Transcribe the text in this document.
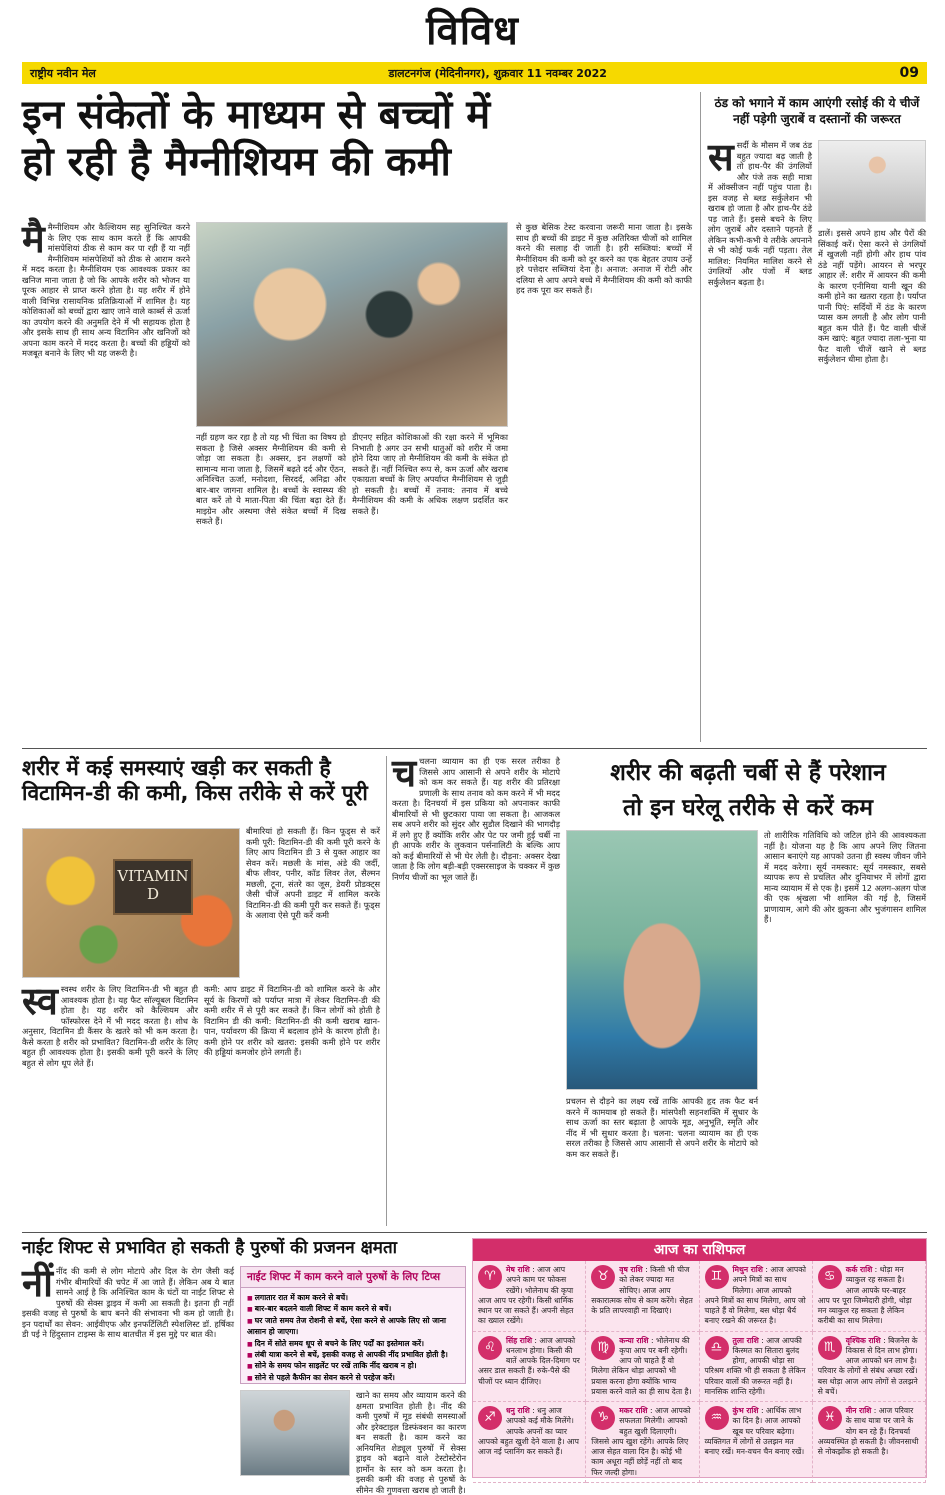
विविध
राष्ट्रीय नवीन मेल	डालटनगंज (मेदिनीनगर), शुक्रवार 11 नवम्बर 2022	09
इन संकेतों के माध्यम से बच्चों में
हो रही है मैग्नीशियम की कमी
मै मैग्नीशियम और कैल्शियम सह सुनिश्चित करने के लिए एक साथ काम करते हैं कि आपकी मांसपेशियां ठीक से काम कर पा रही हैं या नहीं मैग्नीशियम मांसपेशियों को ठीक से आराम करने में मदद करता है। मैग्नीशियम एक आवश्यक प्रकार का खनिज माना जाता है जो कि आपके शरीर को भोजन या पूरक आहार से प्राप्त करने होता है। यह शरीर में होने वाली विभिन्न रासायनिक प्रतिक्रियाओं में शामिल है। यह कोशिकाओं को बच्चों द्वारा खाए जाने वाले कार्ब्स से ऊर्जा का उपयोग करने की अनुमति देने में भी सहायक होता है और इसके साथ ही साथ अन्य विटामिन और खनिजों को अपना काम करने में मदद करता है। बच्चों की हड्डियों को मजबूत बनाने के लिए भी यह जरूरी है।
नहीं ग्रहण कर रहा है तो यह भी चिंता का विषय हो सकता है जिसे अक्सर मैग्नीशियम की कमी से जोड़ा जा सकता है। अक्सर, इन लक्षणों को सामान्य माना जाता है, जिसमें बढ़ते दर्द और ऐंठन, अनिश्चित ऊर्जा, मनोदशा, सिरदर्द, अनिद्रा और बार-बार जागना शामिल है। बच्चों के स्वास्थ्य की बात करें तो ये माता-पिता की चिंता बढ़ा देते हैं। माइग्रेन और अस्थमा जैसे संकेत बच्चों में दिख सकते हैं।
डीएनए सहित कोशिकाओं की रक्षा करने में भूमिका निभाती है अगर उन सभी धातुओं को शरीर में जमा होने दिया जाए तो मैग्नीशियम की कमी के संकेत हो सकते हैं। नहीं निश्चित रूप से, कम ऊर्जा और खराब एकाग्रता बच्चों के लिए अपर्याप्त मैग्नीशियम से जुड़ी हो सकती है। बच्चों में तनाव: तनाव में बच्चे मैग्नीशियम की कमी के अधिक लक्षण प्रदर्शित कर सकते हैं।
से कुछ बेसिक टेस्ट करवाना जरूरी माना जाता है। इसके साथ ही बच्चों की डाइट में कुछ अतिरिक्त चीजों को शामिल करने की सलाह दी जाती है। हरी सब्जियां: बच्चों में मैग्नीशियम की कमी को दूर करने का एक बेहतर उपाय उन्हें हरे पत्तेदार सब्जियां देना है। अनाज: अनाज में रोटी और दलिया से आप अपने बच्चे में मैग्नीशियम की कमी को काफी हद तक पूरा कर सकते हैं।
ठंड को भगाने में काम आएंगी रसोई की ये चीजें नहीं पड़ेगी जुराबें व दस्तानों की जरूरत
स सर्दी के मौसम में जब ठंड बहुत ज्यादा बढ़ जाती है तो हाथ-पैर की उंगलियों और पंजे तक सही मात्रा में ऑक्सीजन नहीं पहुंच पाता है। इस वजह से ब्लड सर्कुलेशन भी खराब हो जाता है और हाथ-पैर ठंडे पड़ जाते हैं। इससे बचने के लिए लोग जुराबें और दस्ताने पहनते हैं लेकिन कभी-कभी ये तरीके अपनाने से भी कोई फर्क नहीं पड़ता। तेल मालिश: नियमित मालिश करने से उंगलियों और पंजों में ब्लड सर्कुलेशन बढ़ता है।
डालें। इससे अपने हाथ और पैरों की सिंकाई करें। ऐसा करने से उंगलियों में खुजली नहीं होगी और हाथ पांव ठंडे नहीं पड़ेंगे। आयरन से भरपूर आहार लें: शरीर में आयरन की कमी के कारण एनीमिया यानी खून की कमी होने का खतरा रहता है। पर्याप्त पानी पिएं: सर्दियों में ठंड के कारण प्यास कम लगती है और लोग पानी बहुत कम पीते हैं। पैट वाली चीजें कम खाएं: बहुत ज्यादा तला-भुना या फैट वाली चीजें खाने से ब्लड सर्कुलेशन धीमा होता है।
शरीर में कई समस्याएं खड़ी कर सकती है
विटामिन-डी की कमी, किस तरीके से करें पूरी
VITAMIN D
बीमारियां हो सकती हैं। किन फूड्स से करें कमी पूरी: विटामिन-डी की कमी पूरी करने के लिए आप विटामिन डी 3 से युक्त आहार का सेवन करें। मछली के मांस, अंडे की जर्दी, बीफ लीवर, पनीर, कॉड लिवर तेल, सैल्मन मछली, टूना, संतरे का जूस, डेयरी प्रोडक्ट्स जैसी चीजें अपनी डाइट में शामिल करके विटामिन-डी की कमी पूरी कर सकते हैं। फूड्स के अलावा ऐसे पूरी करें कमी
स्व स्वस्थ शरीर के लिए विटामिन-डी भी बहुत ही आवश्यक होता है। यह फैट सॉल्यूबल विटामिन होता है। यह शरीर को कैल्शियम और फॉस्फोरस देने में भी मदद करता है। शोध के अनुसार, विटामिन डी कैंसर के खतरे को भी कम करता है। कैसे करता है शरीर को प्रभावित? विटामिन-डी शरीर के लिए बहुत ही आवश्यक होता है। इसकी कमी पूरी करने के लिए बहुत से लोग धूप लेते हैं।
कमी: आप डाइट में विटामिन-डी को शामिल करने के और सूर्य के किरणों को पर्याप्त मात्रा में लेकर विटामिन-डी की कमी शरीर में से पूरी कर सकते हैं। किन लोगों को होती है विटामिन डी की कमी: विटामिन-डी की कमी खराब खान-पान, पर्यावरण की क्रिया में बदलाव होने के कारण होती है। कमी होने पर शरीर को खतरा: इसकी कमी होने पर शरीर की हड्डियां कमजोर होने लगती हैं।
च चलना व्यायाम का ही एक सरल तरीका है जिससे आप आसानी से अपने शरीर के मोटापे को कम कर सकते हैं। यह शरीर की प्रतिरक्षा प्रणाली के साथ तनाव को कम करने में भी मदद करता है। दिनचर्या में इस प्रकिया को अपनाकर काफी बीमारियों से भी छुटकारा पाया जा सकता है। आजकल सब अपने शरीर को सुंदर और सुडौल दिखाने की भागदौड़ में लगे हुए हैं क्योंकि शरीर और पेट पर जमी हुई चर्बी ना ही आपके शरीर के लुकवान पर्सनालिटी के बल्कि आप को कई बीमारियों से भी घेर लेती है। दौड़ना: अक्सर देखा जाता है कि लोग बड़ी-बड़ी एक्सरसाइज के चक्कर में कुछ निर्णय चीजों का भूल जाते हैं।
शरीर की बढ़ती चर्बी से हैं परेशान
तो इन घरेलू तरीके से करें कम
तो शारीरिक गतिविधि को जटिल होने की आवश्यकता नहीं है। योजना यह है कि आप अपने लिए जितना आसान बनाएंगे यह आपको उतना ही स्वस्थ जीवन जीने में मदद करेगा। सूर्य नमस्कार: सूर्य नमस्कार, सबसे व्यापक रूप से प्रचलित और दुनियाभर में लोगों द्वारा मान्य व्यायाम में से एक है। इसमें 12 अलग-अलग पोज की एक श्रृंखला भी शामिल की गई है, जिसमें प्राणायाम, आगे की ओर झुकना और भुजंगासन शामिल हैं।
प्रचलन से दौड़ने का लक्ष्य रखें ताकि आपकी हृद तक फैट बर्न करने में कामयाब हो सकते हैं। मांसपेशी सहनशक्ति में सुधार के साथ ऊर्जा का स्तर बढ़ाता है आपके मूड, अनुभूति, स्मृति और नींद में भी सुधार करता है। चलना: चलना व्यायाम का ही एक सरल तरीका है जिससे आप आसानी से अपने शरीर के मोटापे को कम कर सकते हैं।
नाईट शिफ्ट से प्रभावित हो सकती है पुरुषों की प्रजनन क्षमता
नीं नींद की कमी से लोग मोटापे और दिल के रोग जैसी कई गंभीर बीमारियों की चपेट में आ जाते हैं। लेकिन अब ये बात सामने आई है कि अनिश्चित काम के घंटों या नाईट शिफ्ट से पुरुषों की सेक्स ड्राइव में कमी आ सकती है। इतना ही नहीं इसकी वजह से पुरुषों के बाप बनने की संभावना भी कम हो जाती है। इन पदार्थों का सेवन: आईवीएफ और इनफर्टिलिटी स्पेशलिस्ट डॉ. हर्षिका डी पई ने हिंदुस्तान टाइम्स के साथ बातचीत में इस मुद्दे पर बात की।
नाईट शिफ्ट में काम करने वाले पुरुषों के लिए टिप्स
■ लगातार रात में काम करने से बचें।
■ बार-बार बदलने वाली शिफ्ट में काम करने से बचें।
■ घर जाते समय तेज रोशनी से बचें, ऐसा करने से आपके लिए सो जाना आसान हो जाएगा।
■ दिन में सोते समय धूप से बचने के लिए पर्दों का इस्तेमाल करें।
■ लंबी यात्रा करने से बचें, इसकी वजह से आपकी नींद प्रभावित होती है।
■ सोने के समय फोन साइलेंट पर रखें ताकि नींद खराब न हो।
■ सोने से पहले कैफीन का सेवन करने से परहेज करें।
खाने का समय और व्यायाम करने की क्षमता प्रभावित होती है। नींद की कमी पुरुषों में मूड संबंधी समस्याओं और इरेक्टाइल डिस्फंक्शन का कारण बन सकती है। काम करने का अनियमित शेड्यूल पुरुषों में सेक्स ड्राइव को बढ़ाने वाले टेस्टोस्टेरोन हार्मोन के स्तर को कम करता है। इसकी कमी की वजह से पुरुषों के सीमेन की गुणवत्ता खराब हो जाती है।
आज का राशिफल
♈	मेष राशि : आज आप अपने काम पर फोकस रखेंगे। भोलेनाथ की कृपा आज आप पर रहेगी। किसी धार्मिक स्थान पर जा सकते हैं। अपनी सेहत का ख्याल रखेंगे।
♉	वृष राशि : किसी भी चीज को लेकर ज्यादा मत सोचिए। आज आप सकारात्मक सोच से काम करेंगे। सेहत के प्रति लापरवाही ना दिखाएं।
♊	मिथुन राशि : आज आपको अपने मित्रों का साथ मिलेगा। आज आपको अपने मित्रों का साथ मिलेगा, आप जो चाहते हैं वो मिलेगा, बस थोड़ा धैर्य बनाए रखने की जरूरत है।
♋	कर्क राशि : थोड़ा मन व्याकुल रह सकता है। आज आपके घर-बाहर आप पर पूरा जिम्मेदारी होगी, थोड़ा मन व्याकुल रह सकता है लेकिन करीबी का साथ मिलेगा।
♌	सिंह राशि : आज आपको धनलाभ होगा। किसी की बातें आपके दिल-दिमाग पर असर डाल सकती हैं। रुके-पैसे की चीजों पर ध्यान दीजिए।
♍	कन्या राशि : भोलेनाथ की कृपा आप पर बनी रहेगी। आप जो चाहते हैं वो मिलेगा लेकिन थोड़ा आपको भी प्रयास करना होगा क्योंकि भाग्य प्रयास करने वाले का ही साथ देता है।
♎	तुला राशि : आज आपकी किस्मत का सितारा बुलंद होगा, आपकी थोड़ा सा परिश्रम शक्ति भी ही सकता है लेकिन परिवार वालों की जरूरत नहीं है। मानसिक शान्ति रहेगी।
♏	वृश्चिक राशि : बिजनेस के विकास से दिन लाभ होगा। आज आपको धन लाभ है। परिवार के लोगों से संबंध अच्छा रखें। बस थोड़ा आज आप लोगों से उलझने से बचें।
♐	धनु राशि : धनु आज आपको कई मौके मिलेंगे। आपके अपनों का प्यार आपको बहुत खुशी देने वाला है। आप आज नई प्लानिंग कर सकते हैं।
♑	मकर राशि : आज आपको सफलता मिलेगी। आपको बहुत खुशी दिलाएगी। जिससे आप खुश रहेंगे। आपके लिए आज सेहत वाला दिन है। कोई भी काम अधूरा नहीं छोड़ें नहीं तो बाद फिर जल्दी होगा।
♒	कुंभ राशि : आर्थिक लाभ का दिन है। आज आपको खूब घर परिवार बढ़ेगा। व्यक्तिगत में लोगों से उलझन मत बनाए रखें। मन-वचन चैन बनाए रखें।
♓	मीन राशि : आज परिवार के साथ यात्रा पर जाने के योग बन रहे हैं। दिनचर्या अव्यवस्थित हो सकती है। जीवनसाथी से नोकझोंक हो सकती है।
